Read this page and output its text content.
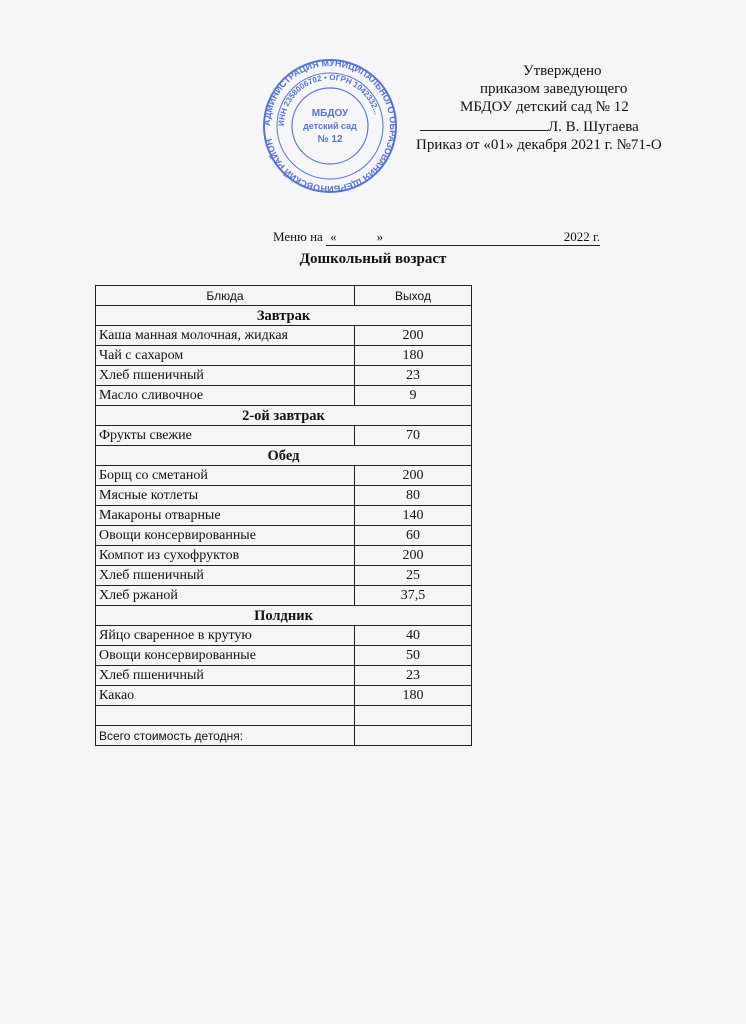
АДМИНИСТРАЦИЯ МУНИЦИПАЛЬНОГО ОБРАЗОВАНИЯ ЩЕРБИНОВСКИЙ РАЙОН
ИНН 2358006702 • ОГРН 1042332...
МБДОУ
детский сад
№ 12
Утверждено
приказом заведующего
МБДОУ детский сад № 12
Л. В. Шугаева
Приказ от «01» декабря 2021 г. №71-О
Меню на «	»	2022 г.
Дошкольный возраст
Блюда	Выход
Завтрак	
Каша манная молочная, жидкая	200
Чай с сахаром	180
Хлеб пшеничный	23
Масло сливочное	9
2-ой завтрак	
Фрукты свежие	70
Обед	
Борщ со сметаной	200
Мясные котлеты	80
Макароны отварные	140
Овощи консервированные	60
Компот из сухофруктов	200
Хлеб пшеничный	25
Хлеб ржаной	37,5
Полдник	
Яйцо сваренное в крутую	40
Овощи консервированные	50
Хлеб пшеничный	23
Какао	180

Всего стоимость детодня:	
